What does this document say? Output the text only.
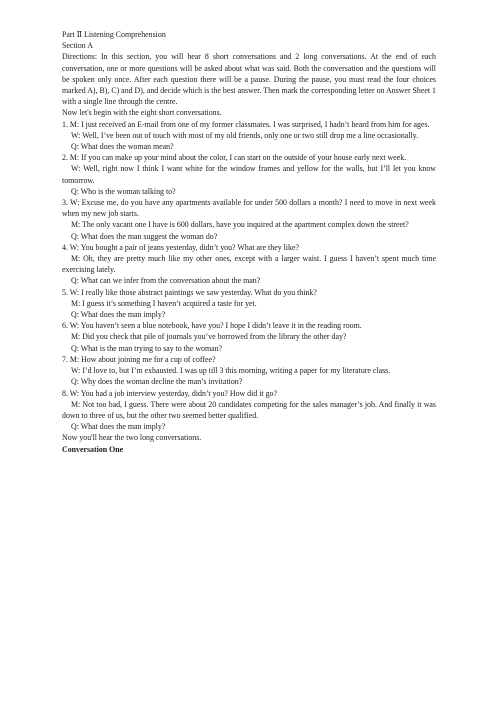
Part Ⅱ Listening Comprehension
Section A

Directions: In this section, you will hear 8 short conversations and 2 long conversations. At the end of each conversation, one or more questions will be asked about what was said. Both the conversation and the questions will be spoken only once. After each question there will be a pause. During the pause, you must read the four choices marked A), B), C) and D), and decide which is the best answer. Then mark the corresponding letter on Answer Sheet 1 with a single line through the centre.

Now let's begin with the eight short conversations.

1. M: I just received an E-mail from one of my former classmates. I was surprised, I hadn’t heard from him for ages.

W: Well, I’ve been out of touch with most of my old friends, only one or two still drop me a line occasionally.

Q: What does the woman mean?

2. M: If you can make up your mind about the color, I can start on the outside of your house early next week.

W: Well, right now I think I want white for the window frames and yellow for the walls, but I’ll let you know tomorrow.

Q: Who is the woman talking to?

3. W: Excuse me, do you have any apartments available for under 500 dollars a month? I need to move in next week when my new job starts.

M: The only vacant one I have is 600 dollars, have you inquired at the apartment complex down the street?

Q: What does the man suggest the woman do?

4. W: You bought a pair of jeans yesterday, didn’t you? What are they like?

M: Oh, they are pretty much like my other ones, except with a larger waist. I guess I haven’t spent much time exercising lately.

Q: What can we infer from the conversation about the man?

5. W: I really like those abstract paintings we saw yesterday. What do you think?

M: I guess it’s something I haven’t acquired a taste for yet.

Q: What does the man imply?

6. W: You haven’t seen a blue notebook, have you? I hope I didn’t leave it in the reading room.

M: Did you check that pile of journals you’ve borrowed from the library the other day?

Q: What is the man trying to say to the woman?

7. M: How about joining me for a cup of coffee?

W: I’d love to, but I’m exhausted. I was up till 3 this morning, writing a paper for my literature class.

Q: Why does the woman decline the man’s invitation?

8. W: You had a job interview yesterday, didn’t you? How did it go?

M: Not too bad, I guess. There were about 20 candidates competing for the sales manager’s job. And finally it was down to three of us, but the other two seemed better qualified.

Q: What does the man imply?

Now you'll hear the two long conversations.
Conversation One
